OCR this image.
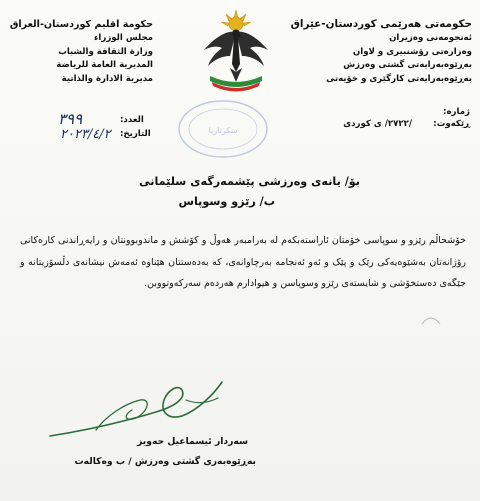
حکومەتی هەرێمی کوردستان-عێراق
ئەنجومەنی وەزیران
وەزارەتی رۆشنبیری و لاوان
بەڕێوەبەرایەتی گشتی وەرزش
بەڕێوەبەرایەتی کارگێری و خۆیەتی
حكومة اقليم كوردستان-العراق
مجلس الوزراء
وزارة الثقافة والشباب
المديرية العامة للرياضة
مديرية الادارة والذاتية
ژمارە:
ڕێکەوت:
/٢٧٢٢/ ى كوردى
العدد:
التاريخ:
٣٩٩
٢٠٢٣/٤/٢	سكرتاريا
بۆ/ یانەی وەرزشی پێشمەرگەی سلێمانی
ب/ رێزو وسوپاس
خۆشحاڵم رێزو و سوپاسی خۆمتان ئاراستەبکەم لە بەرامبەر هەوڵ و کۆشش و ماندوبوونتان و رایەڕاندنی کارەکانی رۆژانەتان بەشێوەیەکی رێک و پێک و ئەو ئەنجامە بەرچاوانەی، کە بەدەستتان هێناوە ئەمەش نیشانەی دڵسۆزیتانە و جێگەی دەستخۆشی و شایستەی رێزو وسوپاسن و هیوادارم هەردەم سەرکەوتووبن.
سەردار ئیسماعیل حەویز
بەڕێوەبەری گشتی وەرزش / ب وەکالەت
